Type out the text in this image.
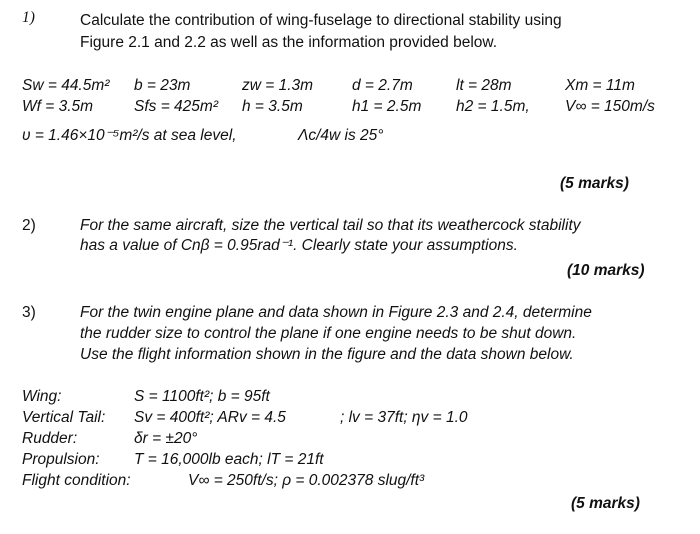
1)	Calculate the contribution of wing-fuselage to directional stability using
Figure 2.1 and 2.2 as well as the information provided below.
Sw = 44.5m² b = 23m	zw = 1.3m	d = 2.7m	lt = 28m	Xm = 11m
Wf = 3.5m	Sfs = 425m² h = 3.5m	h1 = 2.5m h2 = 1.5m, V∞ = 150m/s
υ = 1.46×10⁻⁵m²/s at sea level,	Λc/4w is 25°
(5 marks)
2)	For the same aircraft, size the vertical tail so that its weathercock stability
has a value of Cnβ = 0.95rad⁻¹. Clearly state your assumptions.
(10 marks)
3)	For the twin engine plane and data shown in Figure 2.3 and 2.4, determine
the rudder size to control the plane if one engine needs to be shut down.
Use the flight information shown in the figure and the data shown below.
Wing:	S = 1100ft²; b = 95ft
Vertical Tail: Sv = 400ft²; ARv = 4.5	; lv = 37ft; ηv = 1.0
Rudder:	δr = ±20°
Propulsion: T = 16,000lb each; lT = 21ft
Flight condition:	V∞ = 250ft/s; ρ = 0.002378 slug/ft³
(5 marks)
